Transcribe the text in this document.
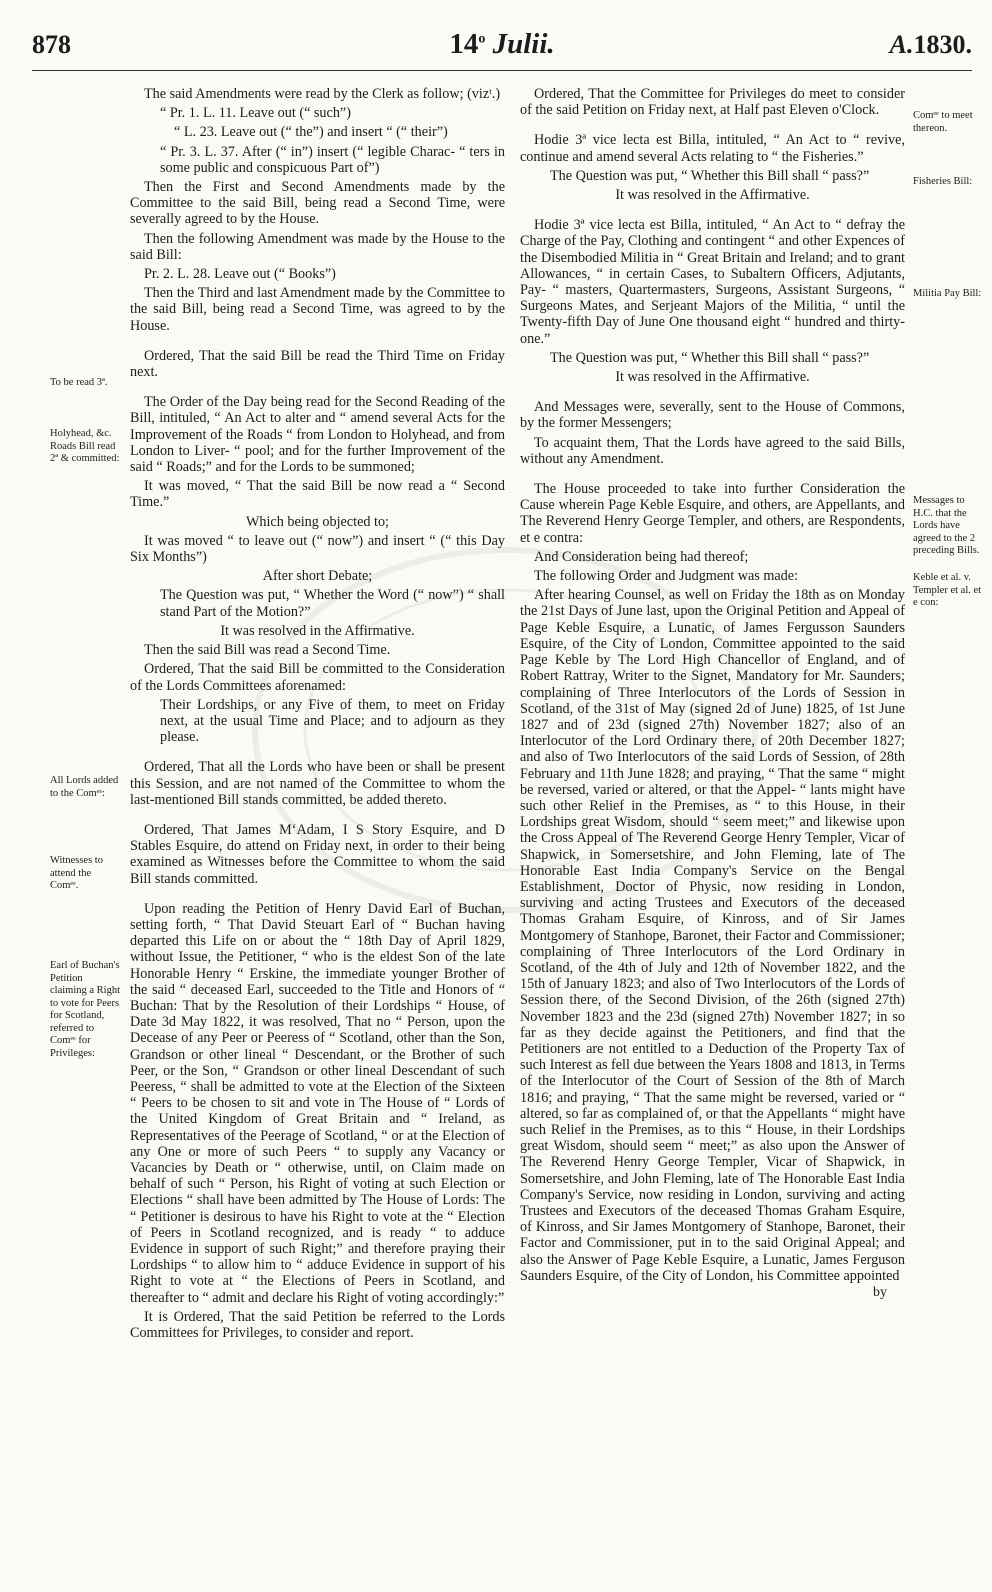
878	14$^o$ Julii.	A.1830.
To be read 3ª.
Holyhead, &c. Roads Bill read 2ª & committed:
All Lords added to the Comᵉᵉ:
Witnesses to attend the Comᵉᵉ.
Earl of Buchan's Petition claiming a Right to vote for Peers for Scotland, referred to Comᵉᵉ for Privileges:
Comᵉᵉ to meet thereon.
Fisheries Bill:
Militia Pay Bill:
Messages to H.C. that the Lords have agreed to the 2 preceding Bills.
Keble et al. v. Templer et al. et e con:

The said Amendments were read by the Clerk as follow; (vizᵗ.)

“ Pr. 1. L. 11. Leave out (“ such”)

“ L. 23. Leave out (“ the”) and insert “ (“ their”)

“ Pr. 3. L. 37. After (“ in”) insert (“ legible Charac- “ ters in some public and conspicuous Part of”)

Then the First and Second Amendments made by the Committee to the said Bill, being read a Second Time, were severally agreed to by the House.

Then the following Amendment was made by the House to the said Bill:

Pr. 2. L. 28. Leave out (“ Books”)

Then the Third and last Amendment made by the Committee to the said Bill, being read a Second Time, was agreed to by the House.

Ordered, That the said Bill be read the Third Time on Friday next.

The Order of the Day being read for the Second Reading of the Bill, intituled, “ An Act to alter and “ amend several Acts for the Improvement of the Roads “ from London to Holyhead, and from London to Liver- “ pool; and for the further Improvement of the said “ Roads;” and for the Lords to be summoned;

It was moved, “ That the said Bill be now read a “ Second Time.”

Which being objected to;

It was moved “ to leave out (“ now”) and insert “ (“ this Day Six Months”)

After short Debate;

The Question was put, “ Whether the Word (“ now”) “ shall stand Part of the Motion?”

It was resolved in the Affirmative.

Then the said Bill was read a Second Time.

Ordered, That the said Bill be committed to the Consideration of the Lords Committees aforenamed:

Their Lordships, or any Five of them, to meet on Friday next, at the usual Time and Place; and to adjourn as they please.

Ordered, That all the Lords who have been or shall be present this Session, and are not named of the Committee to whom the last-mentioned Bill stands committed, be added thereto.

Ordered, That James M‘Adam, I S Story Esquire, and D Stables Esquire, do attend on Friday next, in order to their being examined as Witnesses before the Committee to whom the said Bill stands committed.

Upon reading the Petition of Henry David Earl of Buchan, setting forth, “ That David Steuart Earl of “ Buchan having departed this Life on or about the “ 18th Day of April 1829, without Issue, the Petitioner, “ who is the eldest Son of the late Honorable Henry “ Erskine, the immediate younger Brother of the said “ deceased Earl, succeeded to the Title and Honors of “ Buchan: That by the Resolution of their Lordships “ House, of Date 3d May 1822, it was resolved, That no “ Person, upon the Decease of any Peer or Peeress of “ Scotland, other than the Son, Grandson or other lineal “ Descendant, or the Brother of such Peer, or the Son, “ Grandson or other lineal Descendant of such Peeress, “ shall be admitted to vote at the Election of the Sixteen “ Peers to be chosen to sit and vote in The House of “ Lords of the United Kingdom of Great Britain and “ Ireland, as Representatives of the Peerage of Scotland, “ or at the Election of any One or more of such Peers “ to supply any Vacancy or Vacancies by Death or “ otherwise, until, on Claim made on behalf of such “ Person, his Right of voting at such Election or Elections “ shall have been admitted by The House of Lords: The “ Petitioner is desirous to have his Right to vote at the “ Election of Peers in Scotland recognized, and is ready “ to adduce Evidence in support of such Right;” and therefore praying their Lordships “ to allow him to “ adduce Evidence in support of his Right to vote at “ the Elections of Peers in Scotland, and thereafter to “ admit and declare his Right of voting accordingly:”

It is Ordered, That the said Petition be referred to the Lords Committees for Privileges, to consider and report.

Ordered, That the Committee for Privileges do meet to consider of the said Petition on Friday next, at Half past Eleven o'Clock.

Hodie 3ª vice lecta est Billa, intituled, “ An Act to “ revive, continue and amend several Acts relating to “ the Fisheries.”

The Question was put, “ Whether this Bill shall “ pass?”

It was resolved in the Affirmative.

Hodie 3ª vice lecta est Billa, intituled, “ An Act to “ defray the Charge of the Pay, Clothing and contingent “ and other Expences of the Disembodied Militia in “ Great Britain and Ireland; and to grant Allowances, “ in certain Cases, to Subaltern Officers, Adjutants, Pay- “ masters, Quartermasters, Surgeons, Assistant Surgeons, “ Surgeons Mates, and Serjeant Majors of the Militia, “ until the Twenty-fifth Day of June One thousand eight “ hundred and thirty-one.”

The Question was put, “ Whether this Bill shall “ pass?”

It was resolved in the Affirmative.

And Messages were, severally, sent to the House of Commons, by the former Messengers;

To acquaint them, That the Lords have agreed to the said Bills, without any Amendment.

The House proceeded to take into further Consideration the Cause wherein Page Keble Esquire, and others, are Appellants, and The Reverend Henry George Templer, and others, are Respondents, et e contra:

And Consideration being had thereof;

The following Order and Judgment was made:

After hearing Counsel, as well on Friday the 18th as on Monday the 21st Days of June last, upon the Original Petition and Appeal of Page Keble Esquire, a Lunatic, of James Fergusson Saunders Esquire, of the City of London, Committee appointed to the said Page Keble by The Lord High Chancellor of England, and of Robert Rattray, Writer to the Signet, Mandatory for Mr. Saunders; complaining of Three Interlocutors of the Lords of Session in Scotland, of the 31st of May (signed 2d of June) 1825, of 1st June 1827 and of 23d (signed 27th) November 1827; also of an Interlocutor of the Lord Ordinary there, of 20th December 1827; and also of Two Interlocutors of the said Lords of Session, of 28th February and 11th June 1828; and praying, “ That the same “ might be reversed, varied or altered, or that the Appel- “ lants might have such other Relief in the Premises, as “ to this House, in their Lordships great Wisdom, should “ seem meet;” and likewise upon the Cross Appeal of The Reverend George Henry Templer, Vicar of Shapwick, in Somersetshire, and John Fleming, late of The Honorable East India Company's Service on the Bengal Establishment, Doctor of Physic, now residing in London, surviving and acting Trustees and Executors of the deceased Thomas Graham Esquire, of Kinross, and of Sir James Montgomery of Stanhope, Baronet, their Factor and Commissioner; complaining of Three Interlocutors of the Lord Ordinary in Scotland, of the 4th of July and 12th of November 1822, and the 15th of January 1823; and also of Two Interlocutors of the Lords of Session there, of the Second Division, of the 26th (signed 27th) November 1823 and the 23d (signed 27th) November 1827; in so far as they decide against the Petitioners, and find that the Petitioners are not entitled to a Deduction of the Property Tax of such Interest as fell due between the Years 1808 and 1813, in Terms of the Interlocutor of the Court of Session of the 8th of March 1816; and praying, “ That the same might be reversed, varied or “ altered, so far as complained of, or that the Appellants “ might have such Relief in the Premises, as to this “ House, in their Lordships great Wisdom, should seem “ meet;” as also upon the Answer of The Reverend Henry George Templer, Vicar of Shapwick, in Somersetshire, and John Fleming, late of The Honorable East India Company's Service, now residing in London, surviving and acting Trustees and Executors of the deceased Thomas Graham Esquire, of Kinross, and Sir James Montgomery of Stanhope, Baronet, their Factor and Commissioner, put in to the said Original Appeal; and also the Answer of Page Keble Esquire, a Lunatic, James Ferguson Saunders Esquire, of the City of London, his Committee appointed

by
